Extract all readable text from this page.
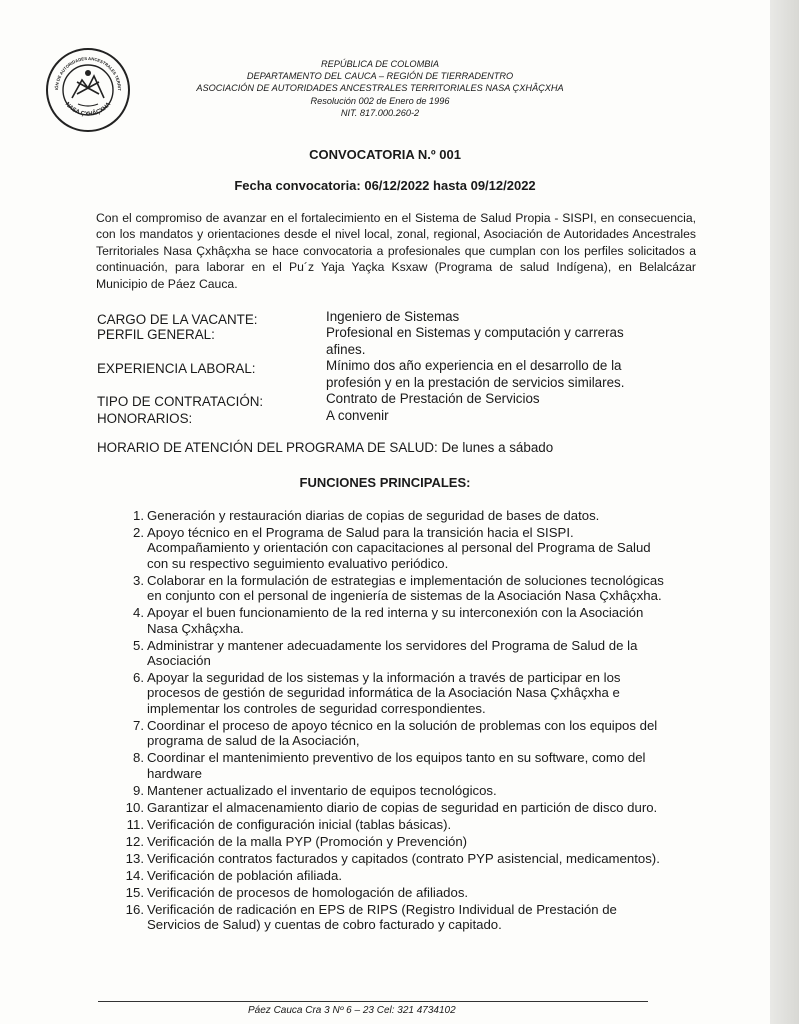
IÓN DE AUTORIDADES ANCESTRALES TERRIT
NASA ÇXHÂÇXHA
REPÚBLICA DE COLOMBIA
DEPARTAMENTO DEL CAUCA – REGIÓN DE TIERRADENTRO
ASOCIACIÓN DE AUTORIDADES ANCESTRALES TERRITORIALES NASA ÇXHÂÇXHA
Resolución 002 de Enero de 1996
NIT. 817.000.260-2
CONVOCATORIA N.º 001
Fecha convocatoria: 06/12/2022 hasta 09/12/2022
Con el compromiso de avanzar en el fortalecimiento en el Sistema de Salud Propia - SISPI, en consecuencia, con los mandatos y orientaciones desde el nivel local, zonal, regional, Asociación de Autoridades Ancestrales Territoriales Nasa Çxhâçxha se hace convocatoria a profesionales que cumplan con los perfiles solicitados a continuación, para laborar en el Pu´z Yaja Yaçka Ksxaw (Programa de salud Indígena), en Belalcázar Municipio de Páez Cauca.
CARGO DE LA VACANTE:	Ingeniero de Sistemas
PERFIL GENERAL:	Profesional en Sistemas y computación y carreras afines.
EXPERIENCIA LABORAL:	Mínimo dos año experiencia en el desarrollo de la profesión y en la prestación de servicios similares.
TIPO DE CONTRATACIÓN:	Contrato de Prestación de Servicios
HONORARIOS:	A convenir
HORARIO DE ATENCIÓN DEL PROGRAMA DE SALUD: De lunes a sábado
FUNCIONES PRINCIPALES:
1. Generación y restauración diarias de copias de seguridad de bases de datos.
2. Apoyo técnico en el Programa de Salud para la transición hacia el SISPI. Acompañamiento y orientación con capacitaciones al personal del Programa de Salud con su respectivo seguimiento evaluativo periódico.
3. Colaborar en la formulación de estrategias e implementación de soluciones tecnológicas en conjunto con el personal de ingeniería de sistemas de la Asociación Nasa Çxhâçxha.
4. Apoyar el buen funcionamiento de la red interna y su interconexión con la Asociación Nasa Çxhâçxha.
5. Administrar y mantener adecuadamente los servidores del Programa de Salud de la Asociación
6. Apoyar la seguridad de los sistemas y la información a través de participar en los procesos de gestión de seguridad informática de la Asociación Nasa Çxhâçxha e implementar los controles de seguridad correspondientes.
7. Coordinar el proceso de apoyo técnico en la solución de problemas con los equipos del programa de salud de la Asociación,
8. Coordinar el mantenimiento preventivo de los equipos tanto en su software, como del hardware
9. Mantener actualizado el inventario de equipos tecnológicos.
10. Garantizar el almacenamiento diario de copias de seguridad en partición de disco duro.
11. Verificación de configuración inicial (tablas básicas).
12. Verificación de la malla PYP (Promoción y Prevención)
13. Verificación contratos facturados y capitados (contrato PYP asistencial, medicamentos).
14. Verificación de población afiliada.
15. Verificación de procesos de homologación de afiliados.
16. Verificación de radicación en EPS de RIPS (Registro Individual de Prestación de Servicios de Salud) y cuentas de cobro facturado y capitado.
Páez Cauca Cra 3 Nº 6 – 23 Cel: 321 4734102
